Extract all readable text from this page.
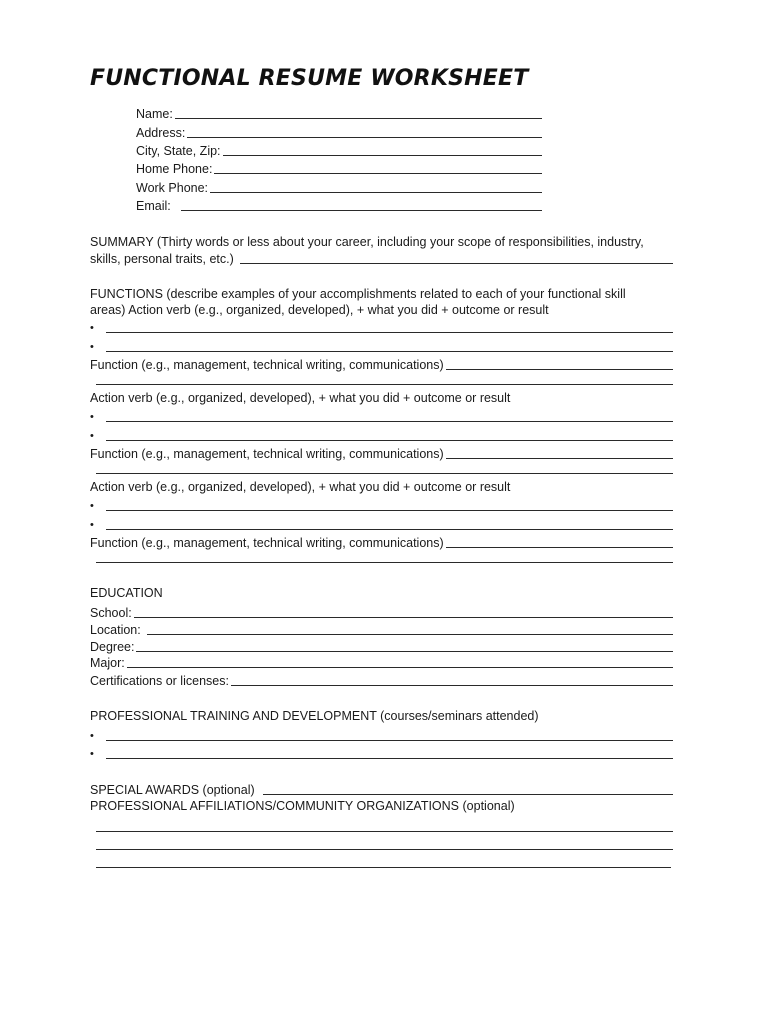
FUNCTIONAL RESUME WORKSHEET
Name:
Address:
City, State, Zip:
Home Phone:
Work Phone:
Email:
SUMMARY (Thirty words or less about your career, including your scope of responsibilities, industry,
skills, personal traits, etc.)
FUNCTIONS (describe examples of your accomplishments related to each of your functional skill
areas) Action verb (e.g., organized, developed), + what you did + outcome or result
•
•
Function (e.g., management, technical writing, communications)
Action verb (e.g., organized, developed), + what you did + outcome or result
•
•
Function (e.g., management, technical writing, communications)
Action verb (e.g., organized, developed), + what you did + outcome or result
•
•
Function (e.g., management, technical writing, communications)
EDUCATION
School:
Location:
Degree:
Major:
Certifications or licenses:
PROFESSIONAL TRAINING AND DEVELOPMENT (courses/seminars attended)
•
•
SPECIAL AWARDS (optional)
PROFESSIONAL AFFILIATIONS/COMMUNITY ORGANIZATIONS (optional)
